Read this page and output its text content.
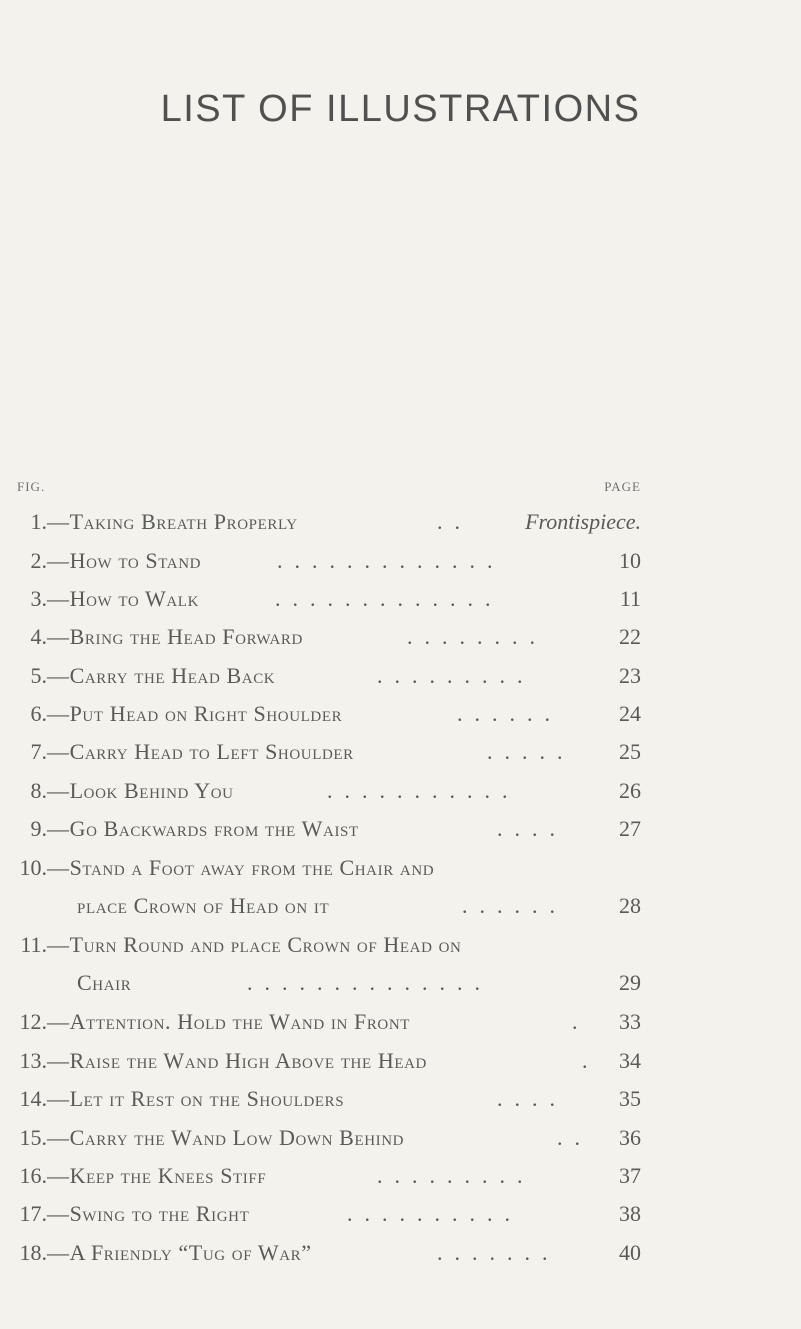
LIST OF ILLUSTRATIONS
FIG.	PAGE
1. —Taking Breath Properly	.. Frontispiece.
2. —How to Stand	.............	10
3. —How to Walk	.............	11
4. —Bring the Head Forward	........	22
5. —Carry the Head Back	.........	23
6. —Put Head on Right Shoulder	......	24
7. —Carry Head to Left Shoulder	..... 25
8. —Look Behind You	...........	26
9. —Go Backwards from the Waist	.... 27
10. —Stand a Foot away from the Chair and
place Crown of Head on it	...... 28
11. —Turn Round and place Crown of Head on
Chair	..............	29
12. —Attention. Hold the Wand in Front	. 33
13. —Raise the Wand High Above the Head	. 34
14. —Let it Rest on the Shoulders	.... 35
15. —Carry the Wand Low Down Behind	.. 36
16. —Keep the Knees Stiff	.........	37
17. —Swing to the Right	..........	38
18. —A Friendly “Tug of War”	.......	40
